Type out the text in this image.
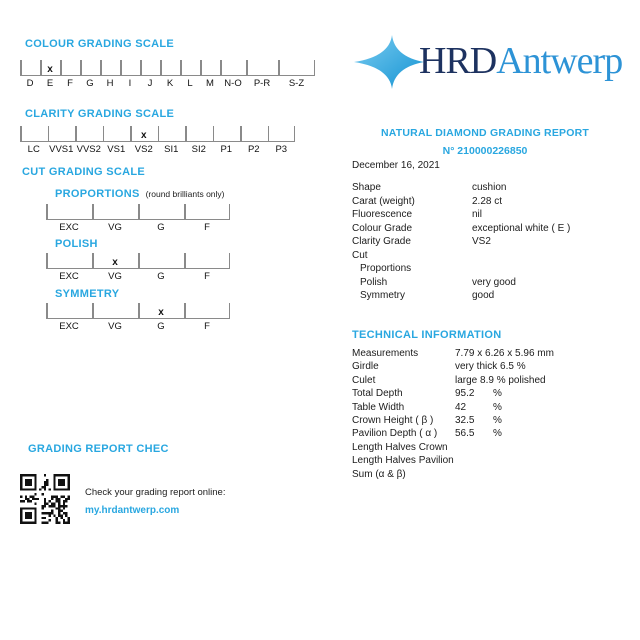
COLOUR GRADING SCALE
x
D E F G H I J K L M N-O P-R S-Z
CLARITY GRADING SCALE
x
LC VVS1 VVS2 VS1 VS2 SI1 SI2 P1 P2 P3
CUT GRADING SCALE
PROPORTIONS (round brilliants only)
EXC	VG	G	F
POLISH
x
EXC	VG	G	F
SYMMETRY
x
EXC	VG	G	F
GRADING REPORT CHEC
Check your grading report online:
my.hrdantwerp.com
HRDAntwerp
NATURAL DIAMOND GRADING REPORT
N° 210000226850
December 16, 2021
Shape	cushion
Carat (weight)	2.28 ct
Fluorescence	nil
Colour Grade	exceptional white ( E )
Clarity Grade	VS2
Cut
Proportions
Polish	very good
Symmetry	good
TECHNICAL INFORMATION
Measurements	7.79 x 6.26 x 5.96 mm
Girdle	very thick 6.5 %
Culet	large 8.9 % polished
Total Depth	95.2 %
Table Width	42	%
Crown Height ( β ) 32.5 %
Pavilion Depth ( α ) 56.5 %
Length Halves Crown
Length Halves Pavilion
Sum (α & β)
